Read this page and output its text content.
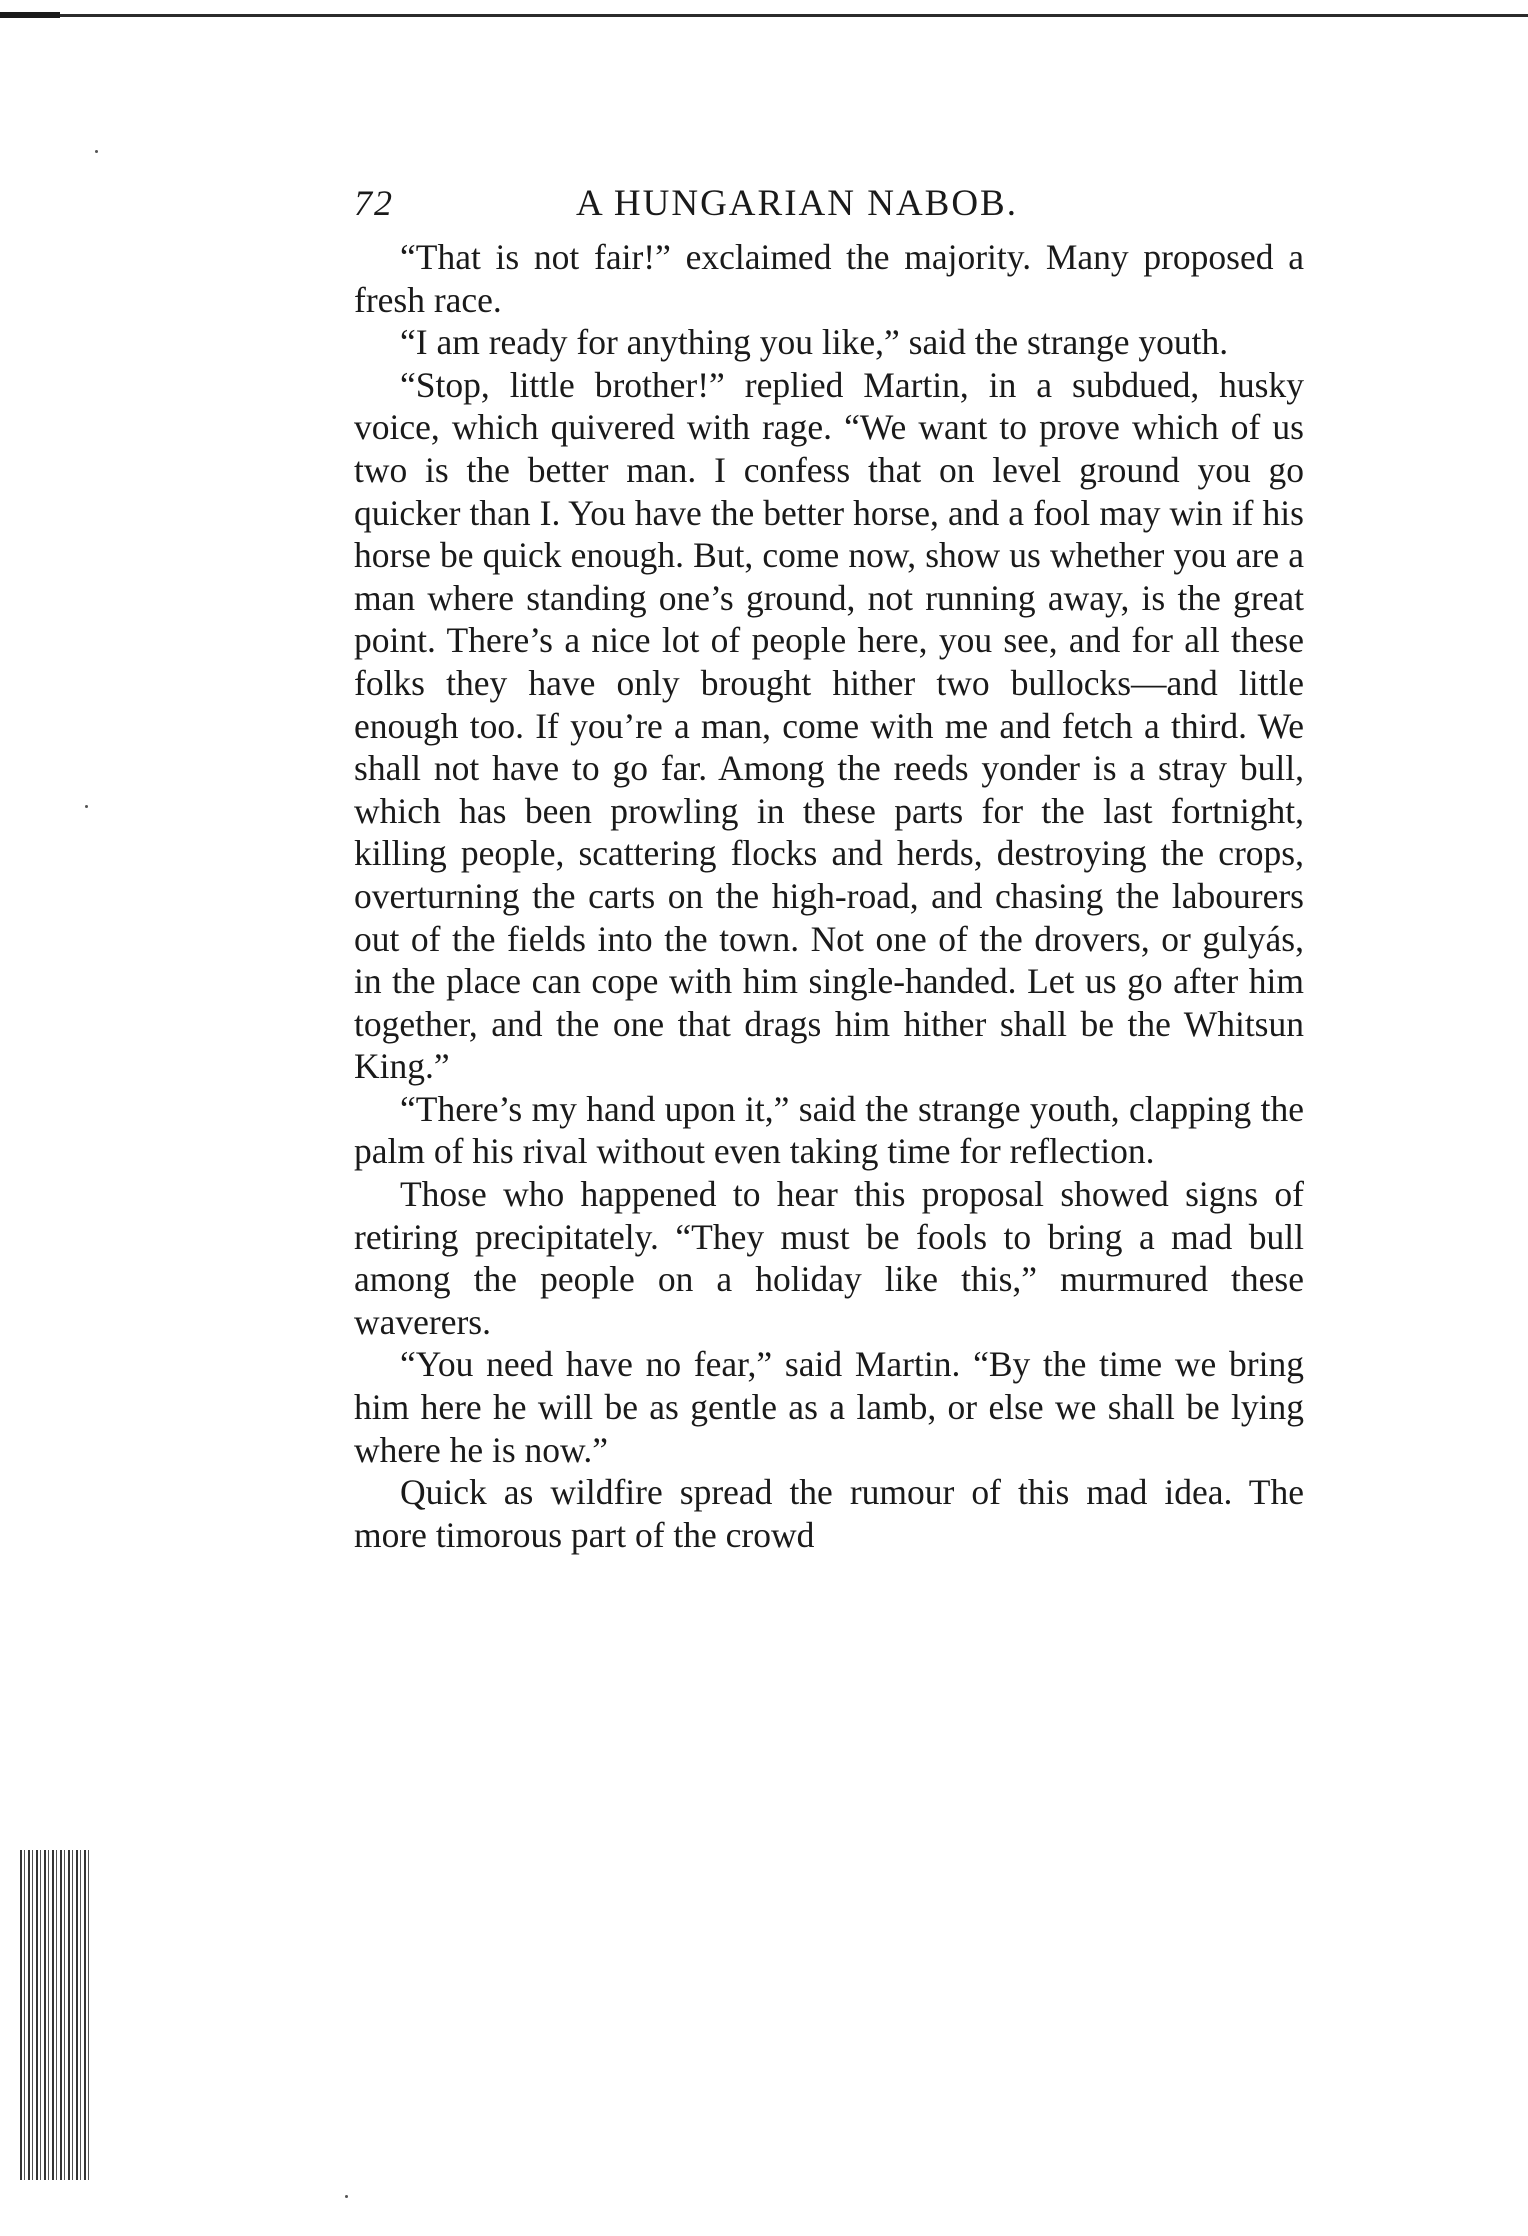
72	A HUNGARIAN NABOB.

“That is not fair!” exclaimed the majority. Many proposed a fresh race.

“I am ready for anything you like,” said the strange youth.

“Stop, little brother!” replied Martin, in a subdued, husky voice, which quivered with rage. “We want to prove which of us two is the better man. I confess that on level ground you go quicker than I. You have the better horse, and a fool may win if his horse be quick enough. But, come now, show us whether you are a man where standing one’s ground, not running away, is the great point. There’s a nice lot of people here, you see, and for all these folks they have only brought hither two bullocks—and little enough too. If you’re a man, come with me and fetch a third. We shall not have to go far. Among the reeds yonder is a stray bull, which has been prowling in these parts for the last fortnight, killing people, scattering flocks and herds, destroying the crops, overturning the carts on the high-road, and chasing the labourers out of the fields into the town. Not one of the drovers, or gulyás, in the place can cope with him single-handed. Let us go after him together, and the one that drags him hither shall be the Whitsun King.”

“There’s my hand upon it,” said the strange youth, clapping the palm of his rival without even taking time for reflection.

Those who happened to hear this proposal showed signs of retiring precipitately. “They must be fools to bring a mad bull among the people on a holiday like this,” murmured these waverers.

“You need have no fear,” said Martin. “By the time we bring him here he will be as gentle as a lamb, or else we shall be lying where he is now.”

Quick as wildfire spread the rumour of this mad idea. The more timorous part of the crowd
